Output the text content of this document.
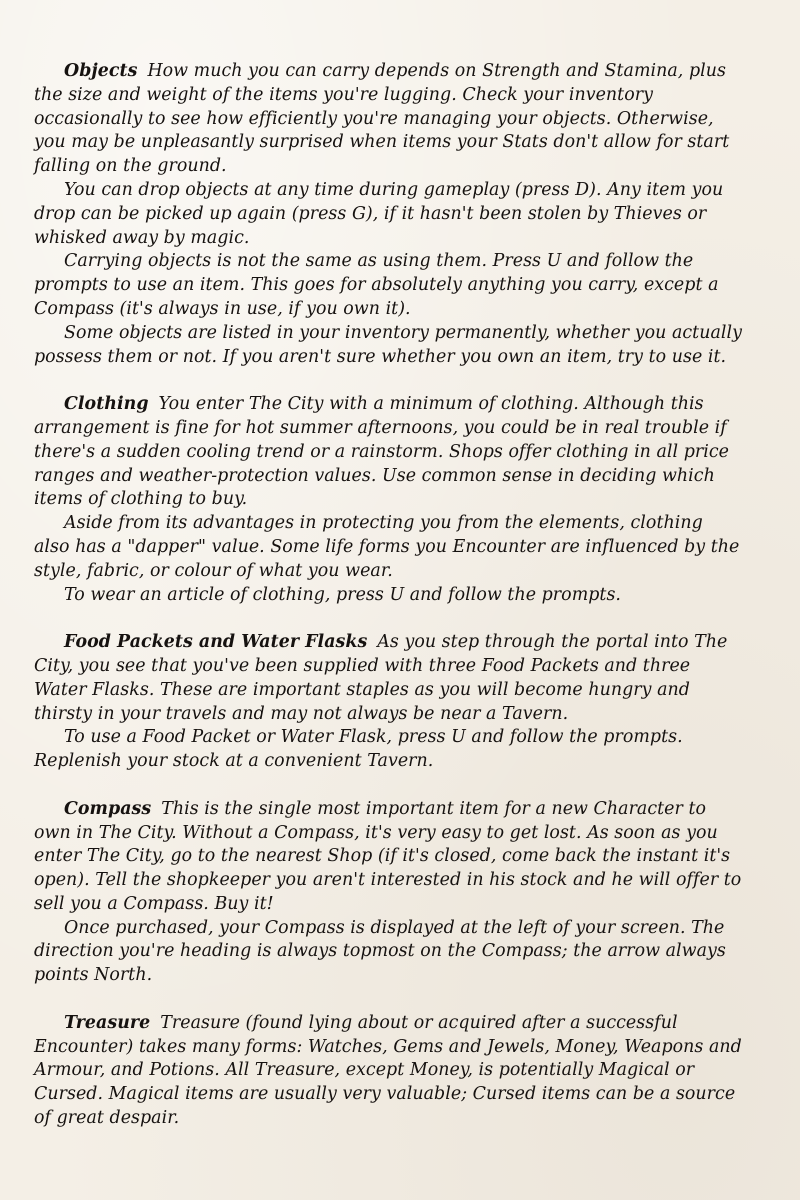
Objects How much you can carry depends on Strength and Stamina, plus the size and weight of the items you're lugging. Check your inventory occasionally to see how efficiently you're managing your objects. Otherwise, you may be unpleasantly surprised when items your Stats don't allow for start falling on the ground.

You can drop objects at any time during gameplay (press D). Any item you drop can be picked up again (press G), if it hasn't been stolen by Thieves or whisked away by magic.

Carrying objects is not the same as using them. Press U and follow the prompts to use an item. This goes for absolutely anything you carry, except a Compass (it's always in use, if you own it).

Some objects are listed in your inventory permanently, whether you actually possess them or not. If you aren't sure whether you own an item, try to use it.

Clothing You enter The City with a minimum of clothing. Although this arrangement is fine for hot summer afternoons, you could be in real trouble if there's a sudden cooling trend or a rainstorm. Shops offer clothing in all price ranges and weather-protection values. Use common sense in deciding which items of clothing to buy.

Aside from its advantages in protecting you from the elements, clothing also has a "dapper" value. Some life forms you Encounter are influenced by the style, fabric, or colour of what you wear.

To wear an article of clothing, press U and follow the prompts.

Food Packets and Water Flasks As you step through the portal into The City, you see that you've been supplied with three Food Packets and three Water Flasks. These are important staples as you will become hungry and thirsty in your travels and may not always be near a Tavern.

To use a Food Packet or Water Flask, press U and follow the prompts. Replenish your stock at a convenient Tavern.

Compass This is the single most important item for a new Character to own in The City. Without a Compass, it's very easy to get lost. As soon as you enter The City, go to the nearest Shop (if it's closed, come back the instant it's open). Tell the shopkeeper you aren't interested in his stock and he will offer to sell you a Compass. Buy it!

Once purchased, your Compass is displayed at the left of your screen. The direction you're heading is always topmost on the Compass; the arrow always points North.

Treasure Treasure (found lying about or acquired after a successful Encounter) takes many forms: Watches, Gems and Jewels, Money, Weapons and Armour, and Potions. All Treasure, except Money, is potentially Magical or Cursed. Magical items are usually very valuable; Cursed items can be a source of great despair.
